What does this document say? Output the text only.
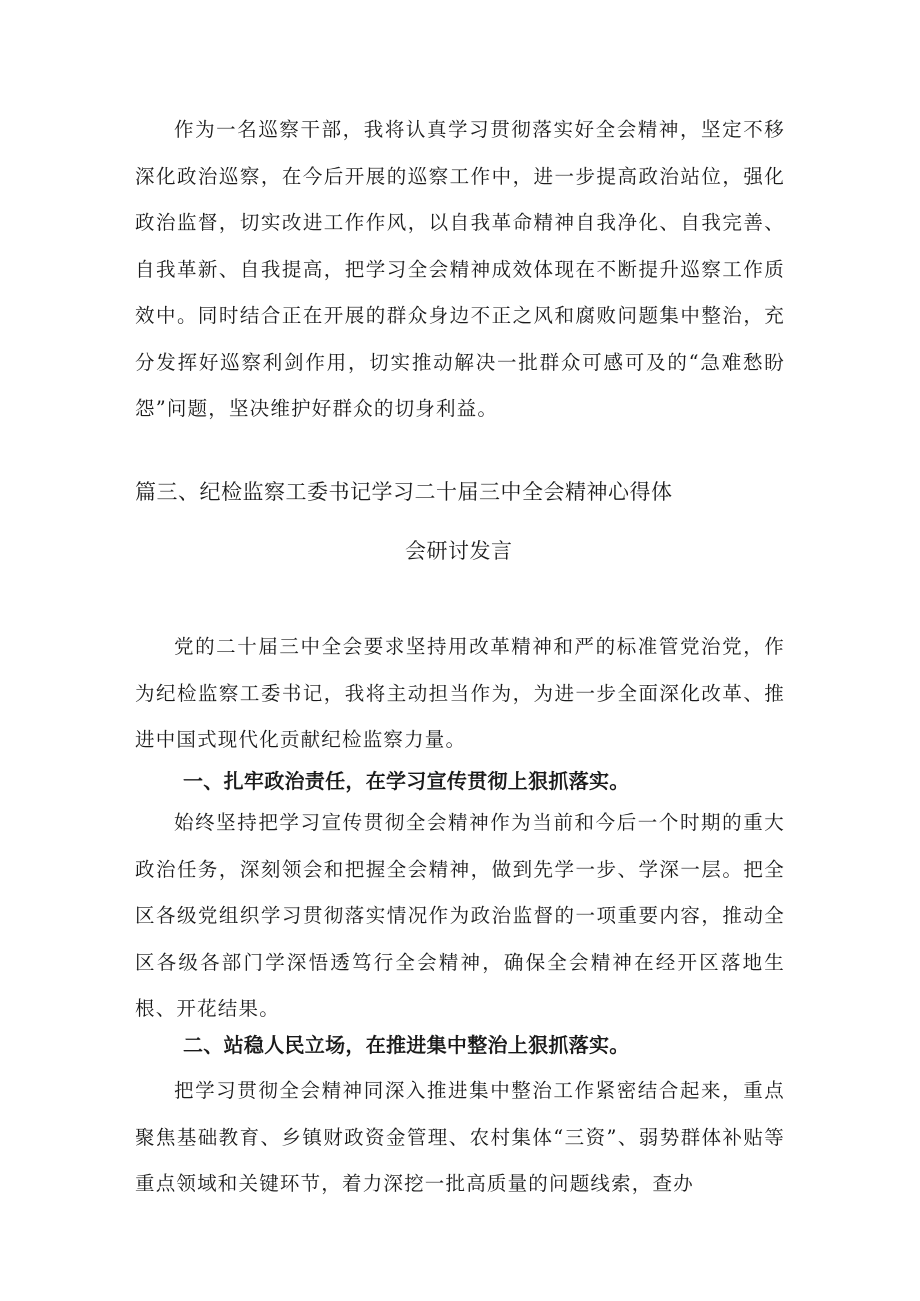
作为一名巡察干部，我将认真学习贯彻落实好全会精神，坚定不移深化政治巡察，在今后开展的巡察工作中，进一步提高政治站位，强化政治监督，切实改进工作作风，以自我革命精神自我净化、自我完善、自我革新、自我提高，把学习全会精神成效体现在不断提升巡察工作质效中。同时结合正在开展的群众身边不正之风和腐败问题集中整治，充分发挥好巡察利剑作用，切实推动解决一批群众可感可及的“急难愁盼怨”问题，坚决维护好群众的切身利益。

篇三、纪检监察工委书记学习二十届三中全会精神心得体
会研讨发言

党的二十届三中全会要求坚持用改革精神和严的标准管党治党，作为纪检监察工委书记，我将主动担当作为，为进一步全面深化改革、推进中国式现代化贡献纪检监察力量。

一、扎牢政治责任，在学习宣传贯彻上狠抓落实。

始终坚持把学习宣传贯彻全会精神作为当前和今后一个时期的重大政治任务，深刻领会和把握全会精神，做到先学一步、学深一层。把全区各级党组织学习贯彻落实情况作为政治监督的一项重要内容，推动全区各级各部门学深悟透笃行全会精神，确保全会精神在经开区落地生根、开花结果。

二、站稳人民立场，在推进集中整治上狠抓落实。

把学习贯彻全会精神同深入推进集中整治工作紧密结合起来，重点聚焦基础教育、乡镇财政资金管理、农村集体“三资”、弱势群体补贴等重点领域和关键环节，着力深挖一批高质量的问题线索，查办
